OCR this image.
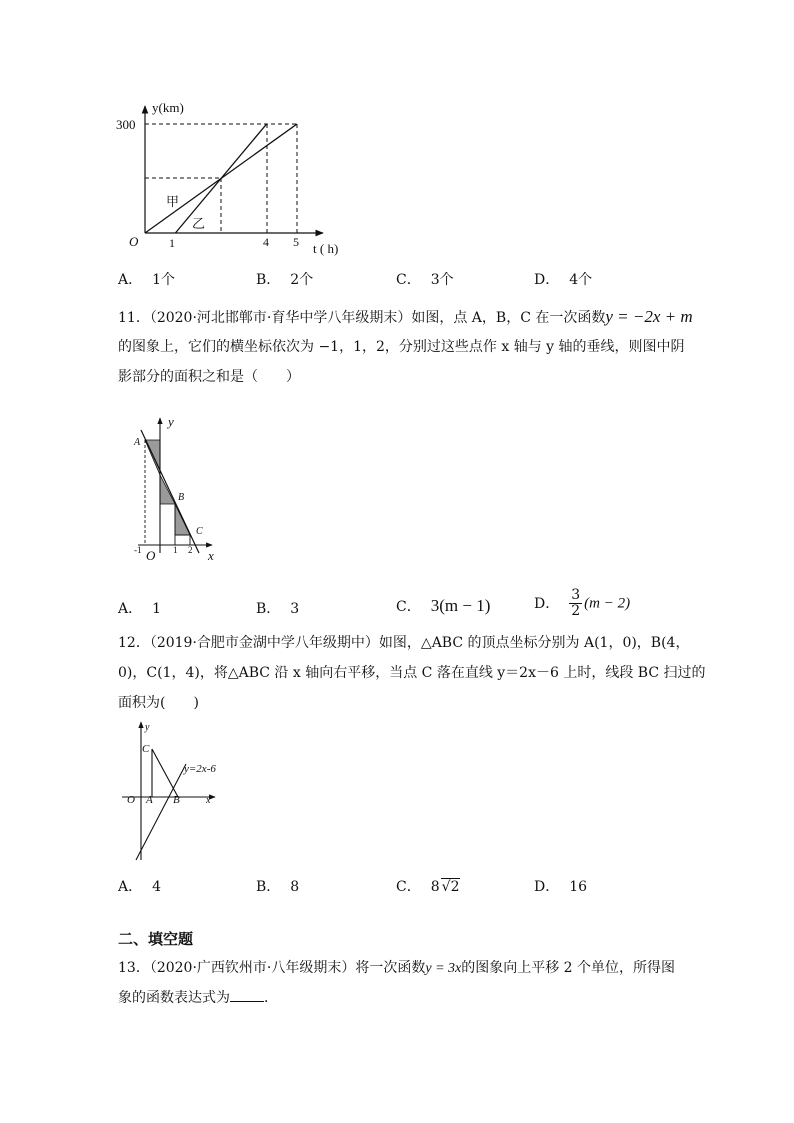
y(km)
300
O	1	4 5 t ( h)
甲
乙
A． 1个	B． 2个	C． 3个	D． 4个
11．（2020·河北邯郸市·育华中学八年级期末）如图，点 A，B，C 在一次函数y = −2x + m
的图象上，它们的横坐标依次为 −1，1，2，分别过这些点作 x 轴与 y 轴的垂线，则图中阴
影部分的面积之和是（　　）
A
B
C
y
x
O
-1	1 2
A． 1	B． 3	C． 3(m − 1)	D． $\frac{3}{2} (m - 2)$
12．（2019·合肥市金湖中学八年级期中）如图，△ABC 的顶点坐标分别为 A(1，0)，B(4，
0)，C(1，4)，将△ABC 沿 x 轴向右平移，当点 C 落在直线 y＝2x－6 上时，线段 BC 扫过的
面积为(　　)
y
C
y=2x-6
O A B	x
A． 4	B． 8	C． 8 √2	D． 16
二、填空题
13．（2020·广西钦州市·八年级期末）将一次函数y = 3x的图象向上平移 2 个单位，所得图
象的函数表达式为 ．
